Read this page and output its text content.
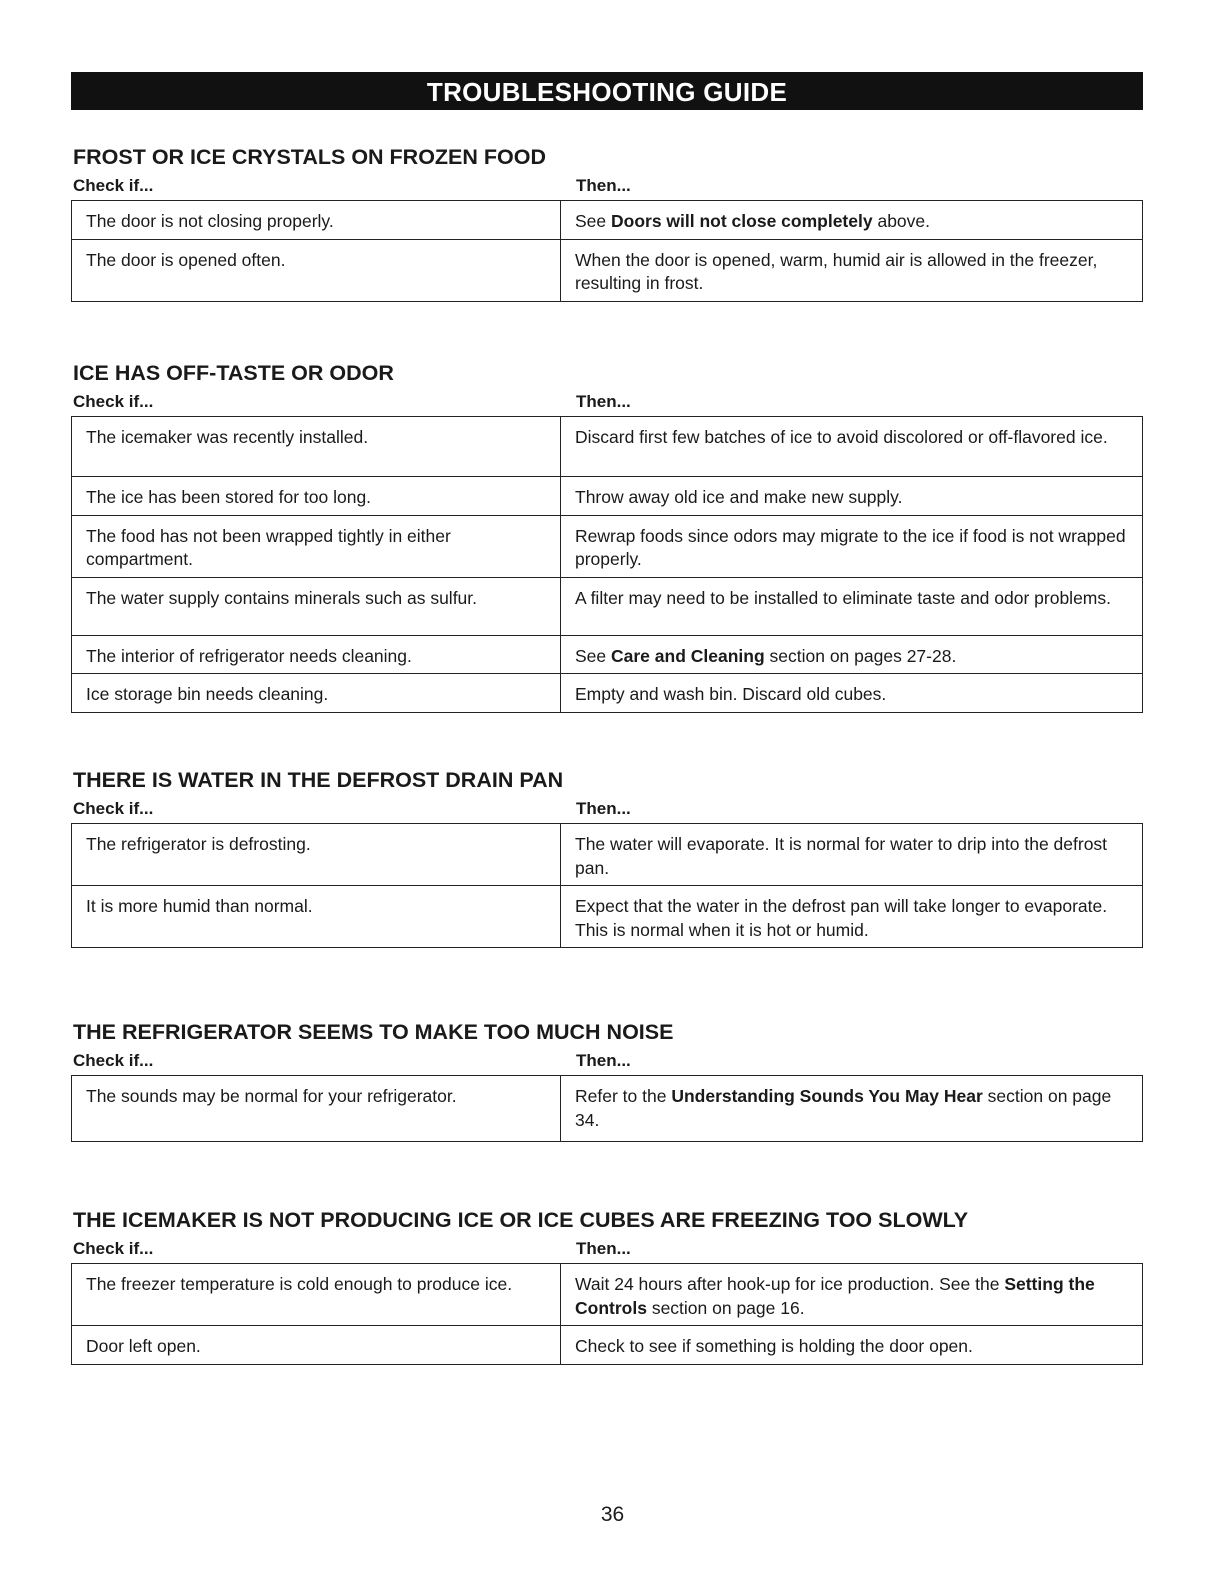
TROUBLESHOOTING GUIDE
FROST OR ICE CRYSTALS ON FROZEN FOOD
Check if...	Then...
The door is not closing properly.	See Doors will not close completely above.
The door is opened often.	When the door is opened, warm, humid air is allowed in the freezer, resulting in frost.
ICE HAS OFF-TASTE OR ODOR
Check if...	Then...
The icemaker was recently installed.	Discard first few batches of ice to avoid discolored or off-flavored ice.
The ice has been stored for too long.	Throw away old ice and make new supply.
The food has not been wrapped tightly in either compartment.	Rewrap foods since odors may migrate to the ice if food is not wrapped properly.
The water supply contains minerals such as sulfur.	A filter may need to be installed to eliminate taste and odor problems.
The interior of refrigerator needs cleaning.	See Care and Cleaning section on pages 27-28.
Ice storage bin needs cleaning.	Empty and wash bin. Discard old cubes.
THERE IS WATER IN THE DEFROST DRAIN PAN
Check if...	Then...
The refrigerator is defrosting.	The water will evaporate. It is normal for water to drip into the defrost pan.
It is more humid than normal.	Expect that the water in the defrost pan will take longer to evaporate. This is normal when it is hot or humid.
THE REFRIGERATOR SEEMS TO MAKE TOO MUCH NOISE
Check if...	Then...
The sounds may be normal for your refrigerator.	Refer to the Understanding Sounds You May Hear section on page 34.
THE ICEMAKER IS NOT PRODUCING ICE OR ICE CUBES ARE FREEZING TOO SLOWLY
Check if...	Then...
The freezer temperature is cold enough to produce ice.	Wait 24 hours after hook-up for ice production. See the Setting the Controls section on page 16.
Door left open.	Check to see if something is holding the door open.
36
